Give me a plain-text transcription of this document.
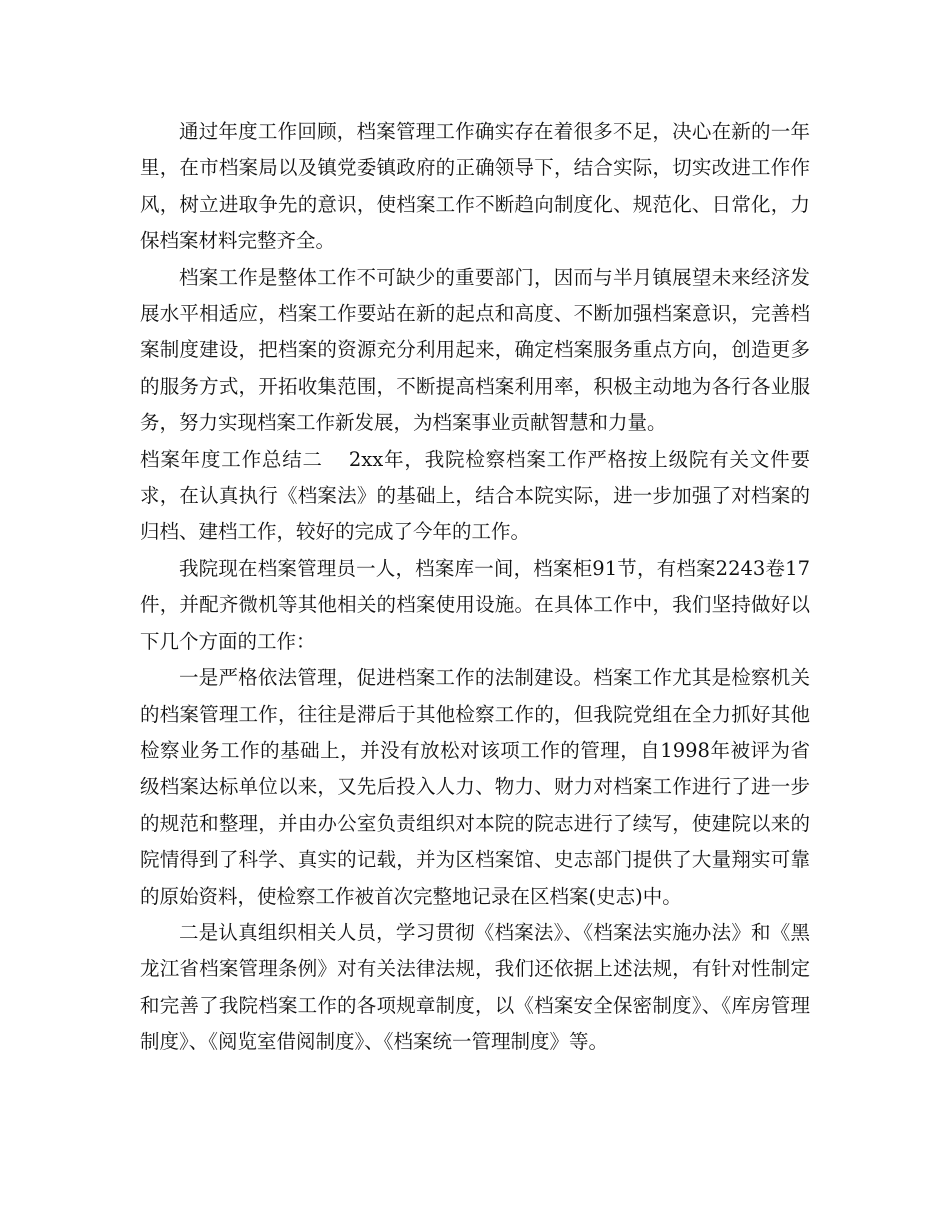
通过年度工作回顾，档案管理工作确实存在着很多不足，决心在新的一年里，在市档案局以及镇党委镇政府的正确领导下，结合实际，切实改进工作作风，树立进取争先的意识，使档案工作不断趋向制度化、规范化、日常化，力保档案材料完整齐全。

档案工作是整体工作不可缺少的重要部门，因而与半月镇展望未来经济发展水平相适应，档案工作要站在新的起点和高度、不断加强档案意识，完善档案制度建设，把档案的资源充分利用起来，确定档案服务重点方向，创造更多的服务方式，开拓收集范围，不断提高档案利用率，积极主动地为各行各业服务，努力实现档案工作新发展，为档案事业贡献智慧和力量。

档案年度工作总结二 2xx年，我院检察档案工作严格按上级院有关文件要求，在认真执行《档案法》的基础上，结合本院实际，进一步加强了对档案的归档、建档工作，较好的完成了今年的工作。

我院现在档案管理员一人，档案库一间，档案柜91节，有档案2243卷17件，并配齐微机等其他相关的档案使用设施。在具体工作中，我们坚持做好以下几个方面的工作：

一是严格依法管理，促进档案工作的法制建设。档案工作尤其是检察机关的档案管理工作，往往是滞后于其他检察工作的，但我院党组在全力抓好其他检察业务工作的基础上，并没有放松对该项工作的管理，自1998年被评为省级档案达标单位以来，又先后投入人力、物力、财力对档案工作进行了进一步的规范和整理，并由办公室负责组织对本院的院志进行了续写，使建院以来的院情得到了科学、真实的记载，并为区档案馆、史志部门提供了大量翔实可靠的原始资料，使检察工作被首次完整地记录在区档案(史志)中。

二是认真组织相关人员，学习贯彻《档案法》、《档案法实施办法》和《黑龙江省档案管理条例》对有关法律法规，我们还依据上述法规，有针对性制定和完善了我院档案工作的各项规章制度，以《档案安全保密制度》、《库房管理制度》、《阅览室借阅制度》、《档案统一管理制度》等。
